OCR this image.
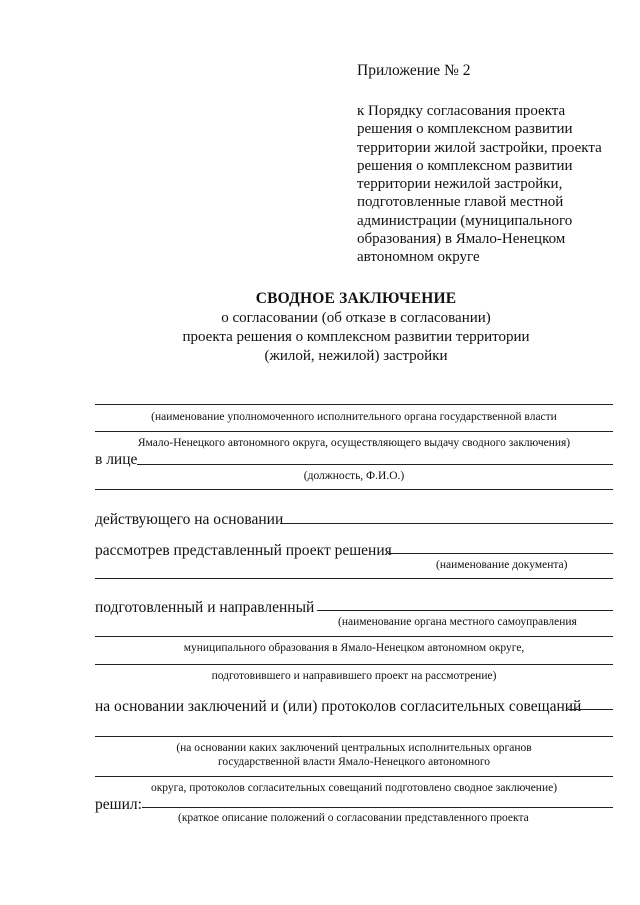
Приложение № 2
к Порядку согласования проекта
решения о комплексном развитии
территории жилой застройки, проекта
решения о комплексном развитии
территории нежилой застройки,
подготовленные главой местной
администрации (муниципального
образования) в Ямало-Ненецком
автономном округе
СВОДНОЕ ЗАКЛЮЧЕНИЕ
о согласовании (об отказе в согласовании)
проекта решения о комплексном развитии территории
(жилой, нежилой) застройки
(наименование уполномоченного исполнительного органа государственной власти
Ямало-Ненецкого автономного округа, осуществляющего выдачу сводного заключения)
в лице
(должность, Ф.И.О.)
действующего на основании
рассмотрев представленный проект решения
(наименование документа)
подготовленный и направленный
(наименование органа местного самоуправления
муниципального образования в Ямало-Ненецком автономном округе,
подготовившего и направившего проект на рассмотрение)
на основании заключений и (или) протоколов согласительных совещаний
(на основании каких заключений центральных исполнительных органов
государственной власти Ямало-Ненецкого автономного
округа, протоколов согласительных совещаний подготовлено сводное заключение)
решил:
(краткое описание положений о согласовании представленного проекта
